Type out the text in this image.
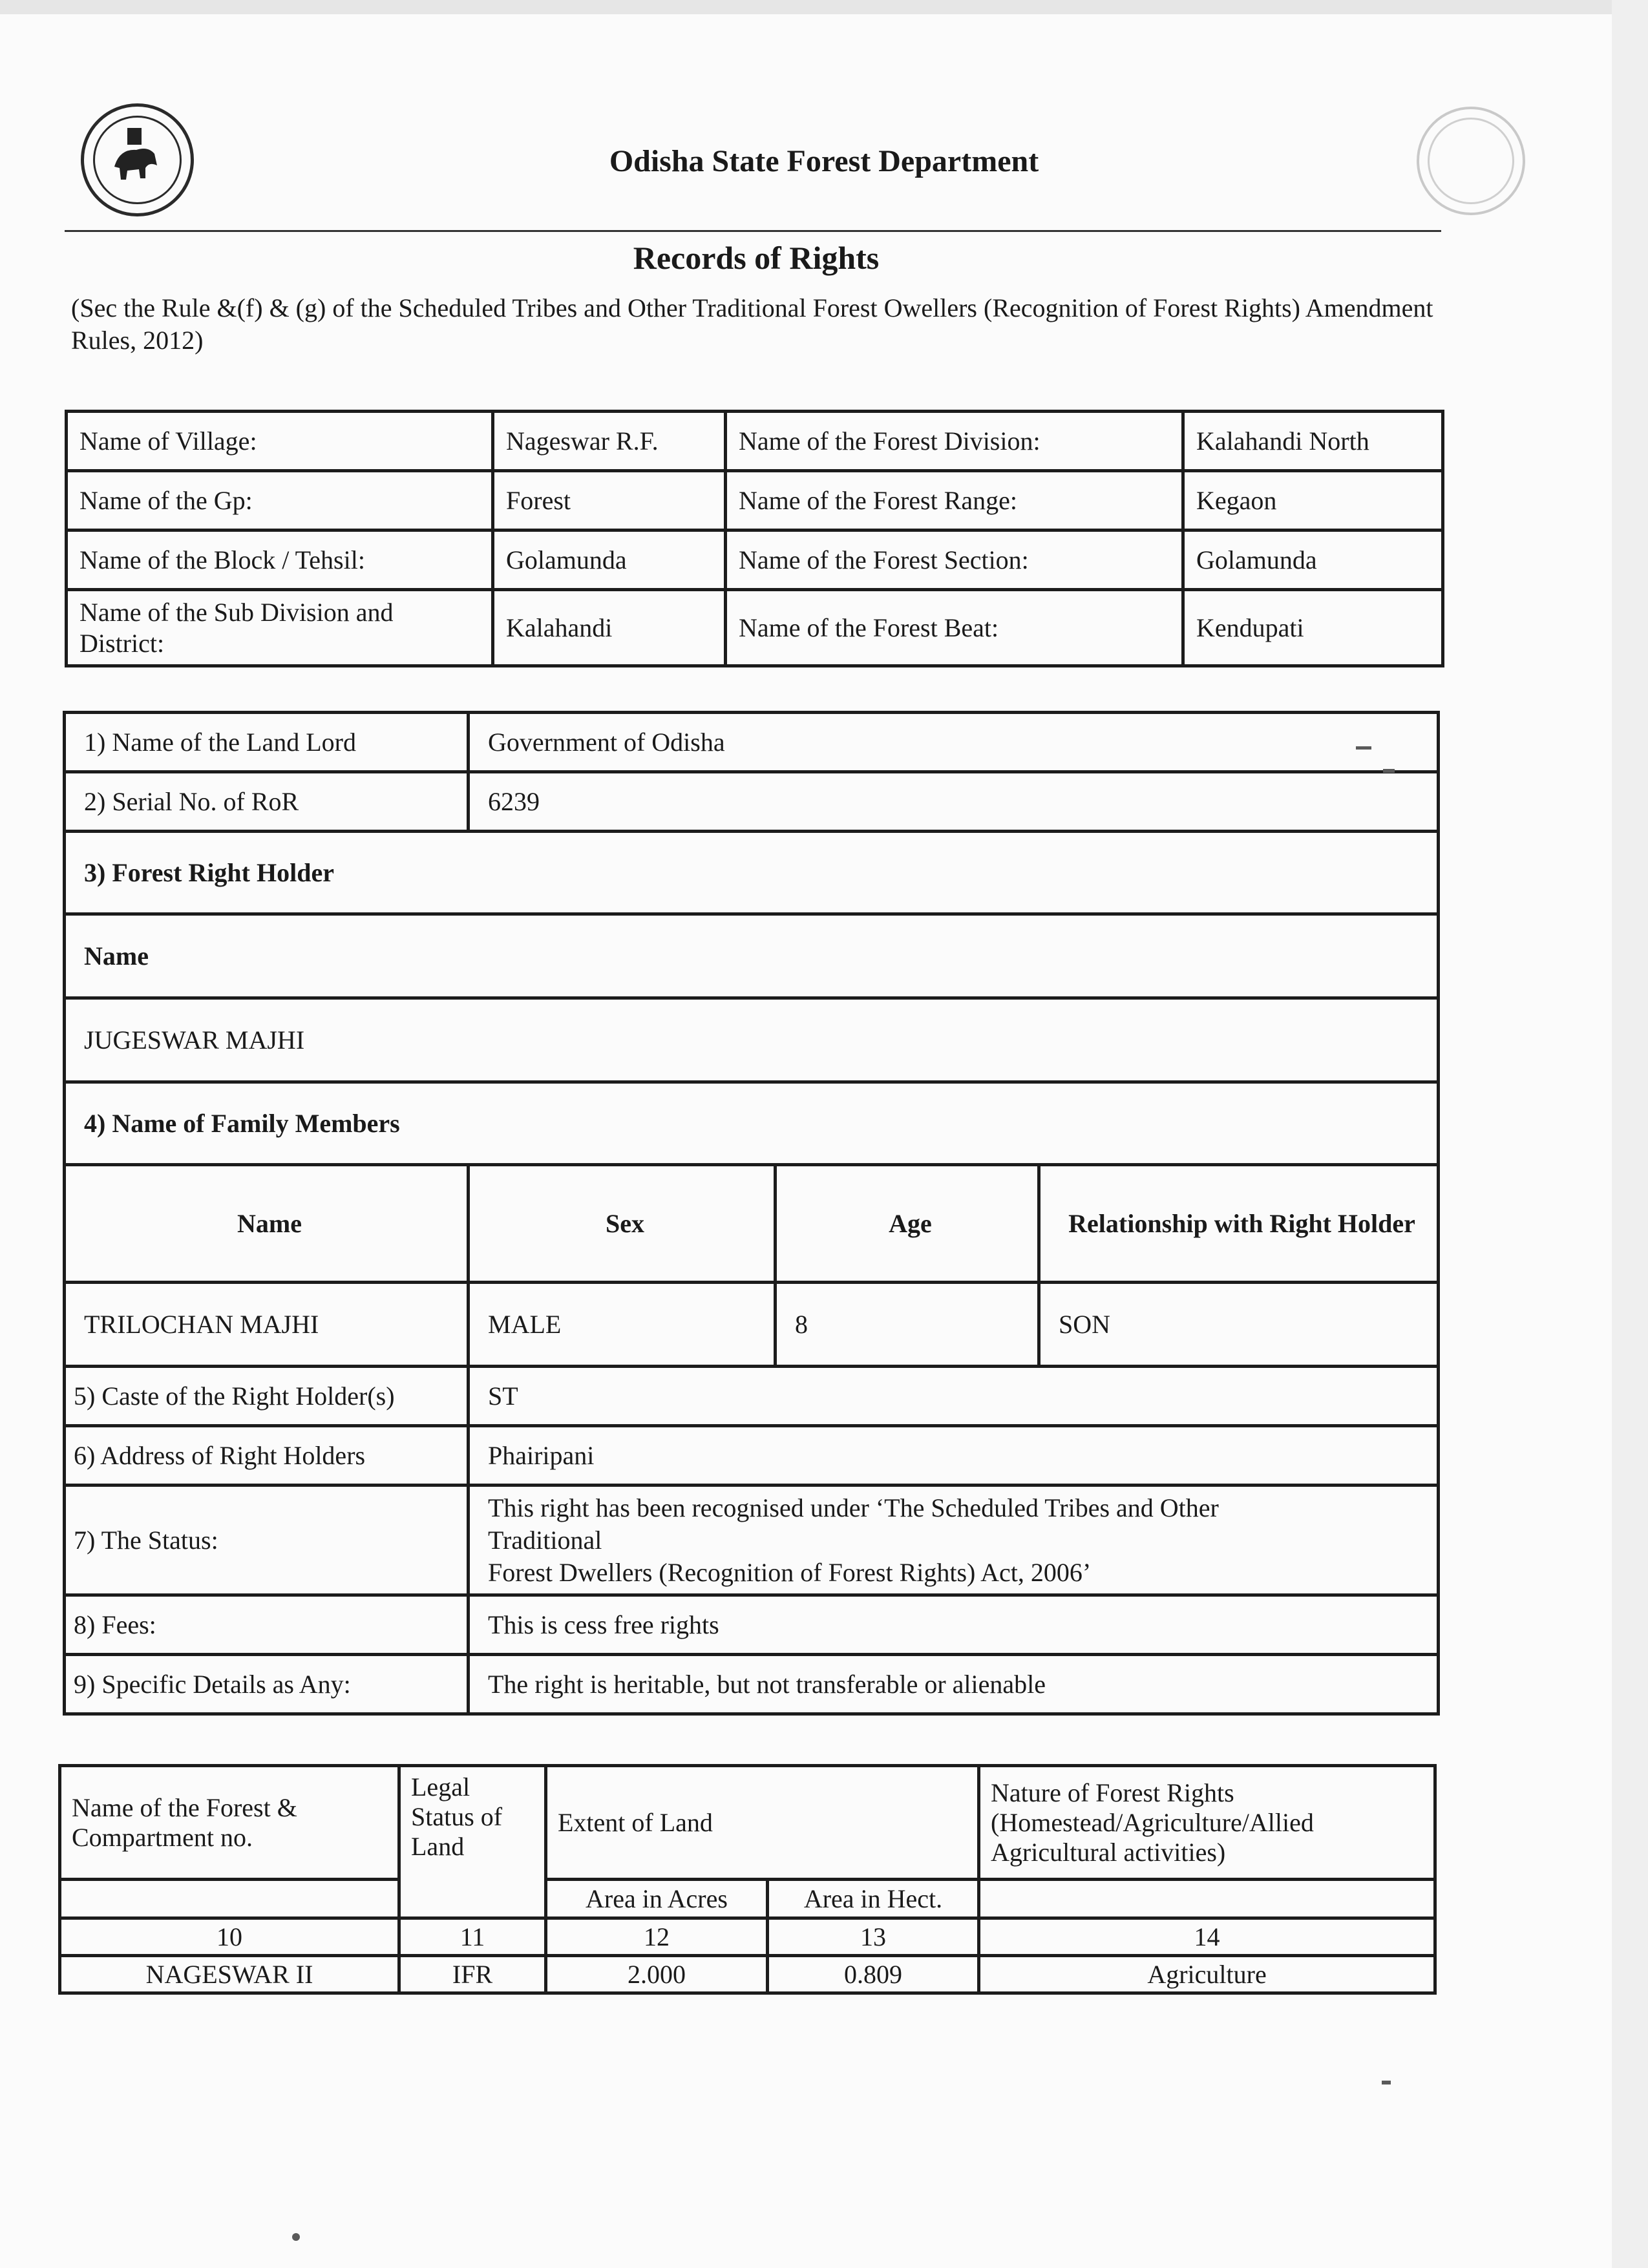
Odisha State Forest Department
Records of Rights
(Sec the Rule &(f) & (g) of the Scheduled Tribes and Other Traditional Forest Owellers (Recognition of Forest Rights) Amendment Rules, 2012)
Name of Village:	Nageswar R.F.	Name of the Forest Division:	Kalahandi North
Name of the Gp:	Forest	Name of the Forest Range:	Kegaon
Name of the Block / Tehsil:	Golamunda	Name of the Forest Section:	Golamunda
Name of the Sub Division and District:	Kalahandi	Name of the Forest Beat:	Kendupati
1) Name of the Land Lord	Government of Odisha		
2) Serial No. of RoR	6239		
3) Forest Right Holder			
Name			
JUGESWAR MAJHI			
4) Name of Family Members			
Name	Sex	Age	Relationship with Right Holder
TRILOCHAN MAJHI	MALE	8	SON
5) Caste of the Right Holder(s)	ST		
6) Address of Right Holders	Phairipani		
7) The Status:	This right has been recognised under ‘The Scheduled Tribes and Other
Traditional
Forest Dwellers (Recognition of Forest Rights) Act, 2006’		

8) Fees:	This is cess free rights		
9) Specific Details as Any:	The right is heritable, but not transferable or alienable		
Name of the Forest & Compartment no.	Legal Status of Land	Extent of Land		Nature of Forest Rights (Homestead/Agriculture/Allied Agricultural activities)
		Area in Acres	Area in Hect.	
10	11	12	13	14
NAGESWAR II	IFR	2.000	0.809	Agriculture
